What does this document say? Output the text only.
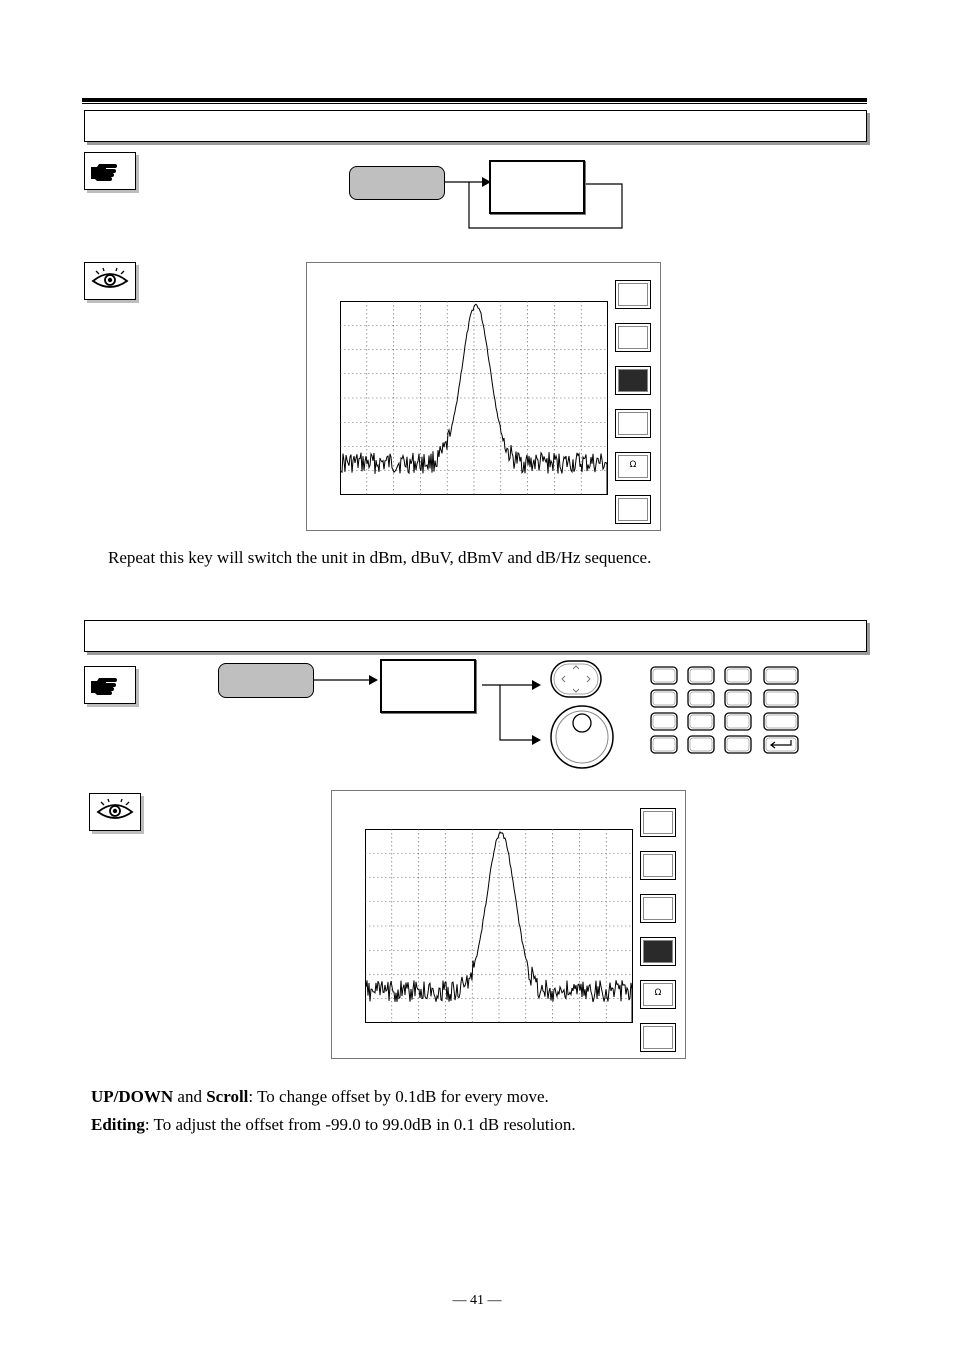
Ω
Repeat this key will switch the unit in dBm, dBuV, dBmV and dB/Hz sequence.
Ω
UP/DOWN and Scroll: To change offset by 0.1dB for every move.
Editing: To adjust the offset from -99.0 to 99.0dB in 0.1 dB resolution.
— 41 —
